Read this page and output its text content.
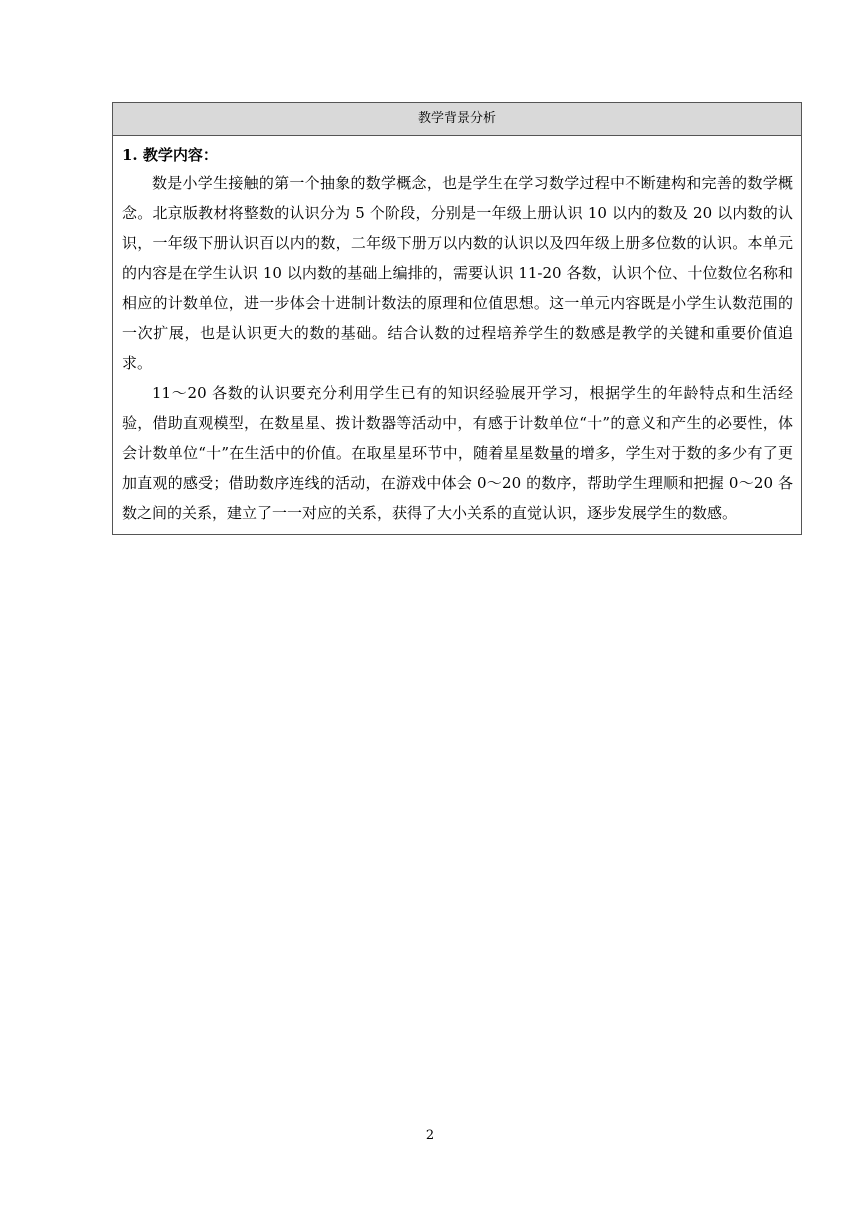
教学背景分析
1. 教学内容：

数是小学生接触的第一个抽象的数学概念，也是学生在学习数学过程中不断建构和完善的数学概念。北京版教材将整数的认识分为 5 个阶段，分别是一年级上册认识 10 以内的数及 20 以内数的认识，一年级下册认识百以内的数，二年级下册万以内数的认识以及四年级上册多位数的认识。本单元的内容是在学生认识 10 以内数的基础上编排的，需要认识 11-20 各数，认识个位、十位数位名称和相应的计数单位，进一步体会十进制计数法的原理和位值思想。这一单元内容既是小学生认数范围的一次扩展，也是认识更大的数的基础。结合认数的过程培养学生的数感是教学的关键和重要价值追求。

11～20 各数的认识要充分利用学生已有的知识经验展开学习，根据学生的年龄特点和生活经验，借助直观模型，在数星星、拨计数器等活动中，有感于计数单位“十”的意义和产生的必要性，体会计数单位“十”在生活中的价值。在取星星环节中，随着星星数量的增多，学生对于数的多少有了更加直观的感受；借助数序连线的活动，在游戏中体会 0～20 的数序，帮助学生理顺和把握 0～20 各数之间的关系，建立了一一对应的关系，获得了大小关系的直觉认识，逐步发展学生的数感。

2
